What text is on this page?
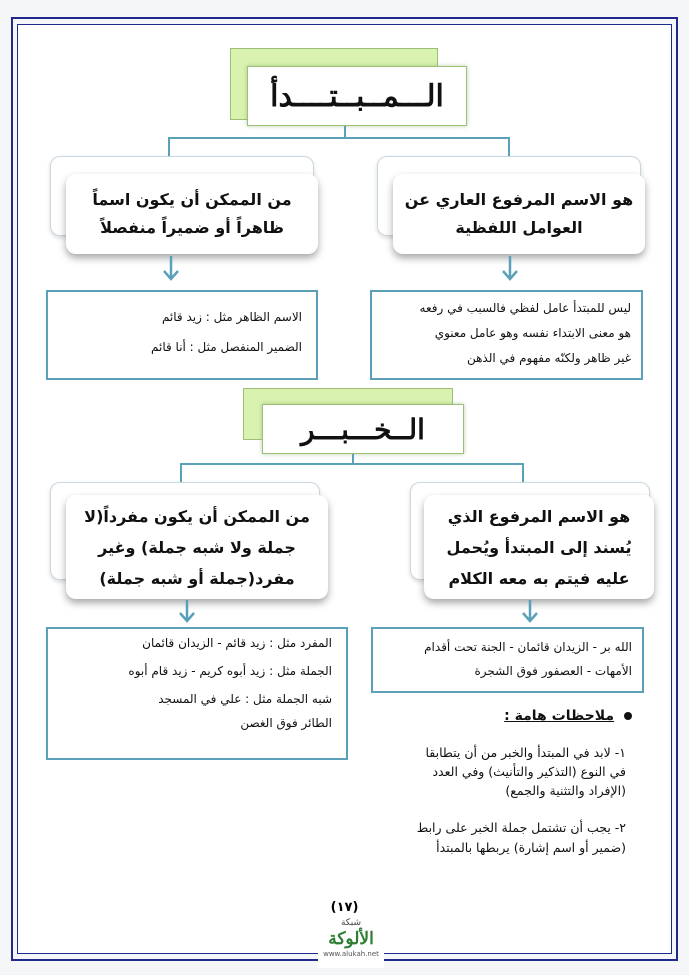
الـــمــبــتــــدأ
هو الاسم المرفوع العاري عن
العوامل اللفظية
من الممكن أن يكون اسماً
ظاهراً أو ضميراً منفصلاً
ليس للمبتدأ عامل لفظي فالسبب في رفعه
هو معنى الابتداء نفسه وهو عامل معنوي
غير ظاهر ولكنّه مفهوم في الذهن
الاسم الظاهر مثل : زيد قائم
الضمير المنفصل مثل : أنا قائم
الــخـــبـــر
هو الاسم المرفوع الذي
يُسند إلى المبتدأ ويُحمل
عليه فيتم به معه الكلام
من الممكن أن يكون مفرداً(لا
جملة ولا شبه جملة) وغير
مفرد(جملة أو شبه جملة)
الله بر - الزيدان قائمان - الجنة تحت أقدام
الأمهات - العصفور فوق الشجرة
المفرد مثل : زيد قائم - الزيدان قائمان
الجملة مثل : زيد أبوه كريم - زيد قام أبوه
شبه الجملة مثل : علي في المسجد
الطائر فوق الغصن	ملاحظات هامة :
١- لابد في المبتدأ والخبر من أن يتطابقا
في النوع (التذكير والتأنيث) وفي العدد
(الإفراد والتثنية والجمع)
٢- يجب أن تشتمل جملة الخبر على رابط
(ضمير أو اسم إشارة) يربطها بالمبتدأ
(١٧)
شبكة
الألوكة
www.alukah.net
